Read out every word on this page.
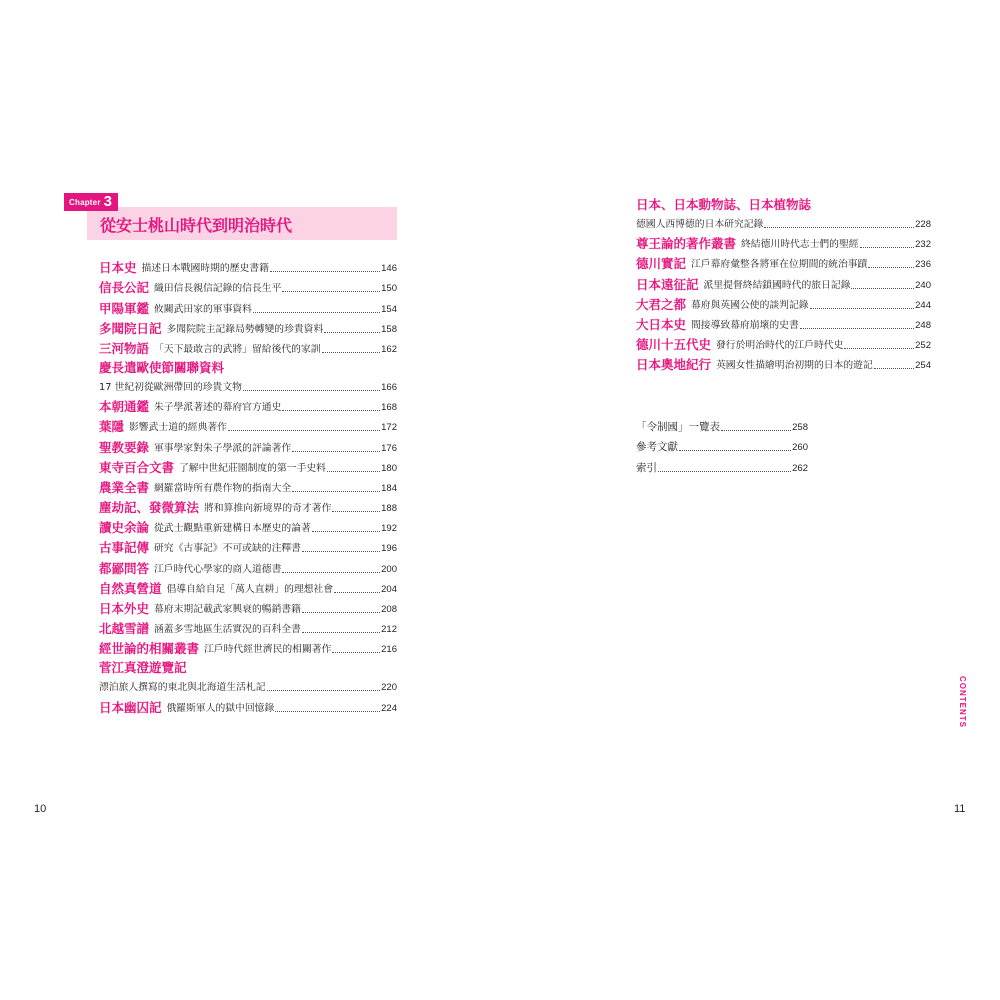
Chapter 3
從安士桃山時代到明治時代
日本史 描述日本戰國時期的歷史書籍	146
信長公記 織田信長親信記錄的信長生平	150
甲陽軍鑑 攸關武田家的軍事資料	154
多聞院日記 多聞院院主記錄局勢轉變的珍貴資料	158
三河物語 「天下最敢言的武將」留給後代的家訓	162
慶長遣歐使節關聯資料
17 世紀初從歐洲帶回的珍貴文物	166
本朝通鑑 朱子學派著述的幕府官方通史	168
葉隱 影響武士道的經典著作	172
聖教要錄 軍事學家對朱子學派的評論著作	176
東寺百合文書 了解中世紀莊園制度的第一手史料	180
農業全書 網羅當時所有農作物的指南大全	184
塵劫記、發微算法 將和算推向新境界的奇才著作	188
讀史余論 從武士觀點重新建構日本歷史的論著	192
古事記傳 研究《古事記》不可或缺的注釋書	196
都鄙問答 江戶時代心學家的商人道德書	200
自然真營道 倡導自給自足「萬人直耕」的理想社會	204
日本外史 幕府末期記載武家興衰的暢銷書籍	208
北越雪譜 涵蓋多雪地區生活實況的百科全書	212
經世論的相關叢書 江戶時代經世濟民的相關著作	216
菅江真澄遊覽記
漂泊旅人撰寫的東北與北海道生活札記	220
日本幽囚記 俄羅斯軍人的獄中回憶錄	224
日本、日本動物誌、日本植物誌
德國人西博德的日本研究記錄	228
尊王論的著作叢書 終結德川時代志士們的聖經	232
德川實記 江戶幕府彙整各將軍在位期間的統治事蹟	236
日本遠征記 派里提督終結鎖國時代的旅日記錄	240
大君之都 幕府與英國公使的談判記錄	244
大日本史 間接導致幕府崩壞的史書	248
德川十五代史 發行於明治時代的江戶時代史	252
日本奧地紀行 英國女性描繪明治初期的日本的遊記	254
「令制國」一覽表	258
參考文獻	260
索引	262
10	11
CONTENTS
